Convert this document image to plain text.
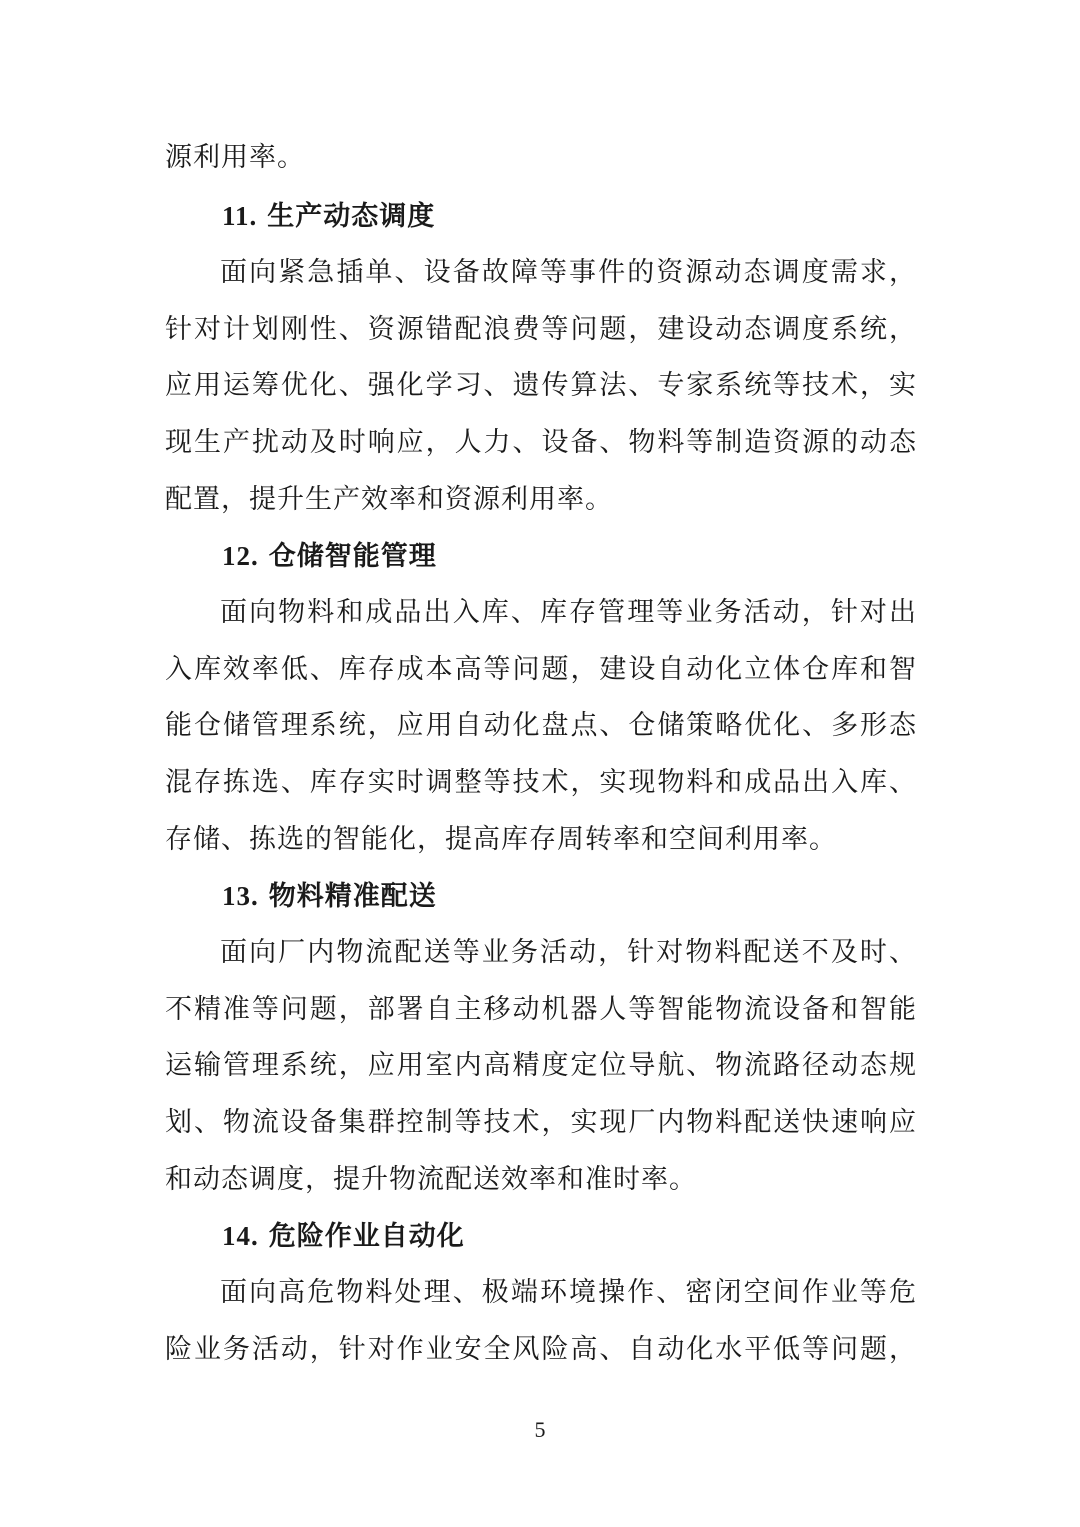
源利用率。
11. 生产动态调度
面向紧急插单、设备故障等事件的资源动态调度需求，
针对计划刚性、资源错配浪费等问题，建设动态调度系统，
应用运筹优化、强化学习、遗传算法、专家系统等技术，实
现生产扰动及时响应，人力、设备、物料等制造资源的动态
配置，提升生产效率和资源利用率。
12. 仓储智能管理
面向物料和成品出入库、库存管理等业务活动，针对出
入库效率低、库存成本高等问题，建设自动化立体仓库和智
能仓储管理系统，应用自动化盘点、仓储策略优化、多形态
混存拣选、库存实时调整等技术，实现物料和成品出入库、
存储、拣选的智能化，提高库存周转率和空间利用率。
13. 物料精准配送
面向厂内物流配送等业务活动，针对物料配送不及时、
不精准等问题，部署自主移动机器人等智能物流设备和智能
运输管理系统，应用室内高精度定位导航、物流路径动态规
划、物流设备集群控制等技术，实现厂内物料配送快速响应
和动态调度，提升物流配送效率和准时率。
14. 危险作业自动化
面向高危物料处理、极端环境操作、密闭空间作业等危
险业务活动，针对作业安全风险高、自动化水平低等问题，
5
